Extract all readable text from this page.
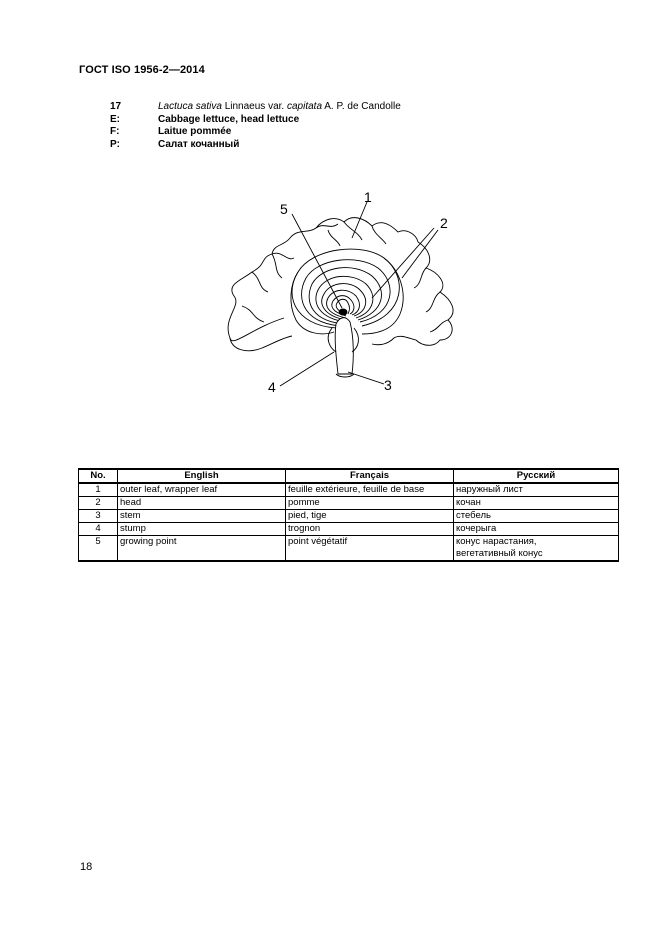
ГОСТ ISO 1956-2—2014
17	Lactuca sativa Linnaeus var. capitata A. P. de Candolle
E:	Cabbage lettuce, head lettuce
F:	Laitue pommée
P:	Салат кочанный
1
2
5
4	3
No.	English	Français	Русский
1	outer leaf, wrapper leaf	feuille extérieure, feuille de base	наружный лист
2	head	pomme	кочан
3	stem	pied, tige	стебель
4	stump	trognon	кочерыга
5	growing point	point végétatif	конус нарастания,
вегетативный конус
18
